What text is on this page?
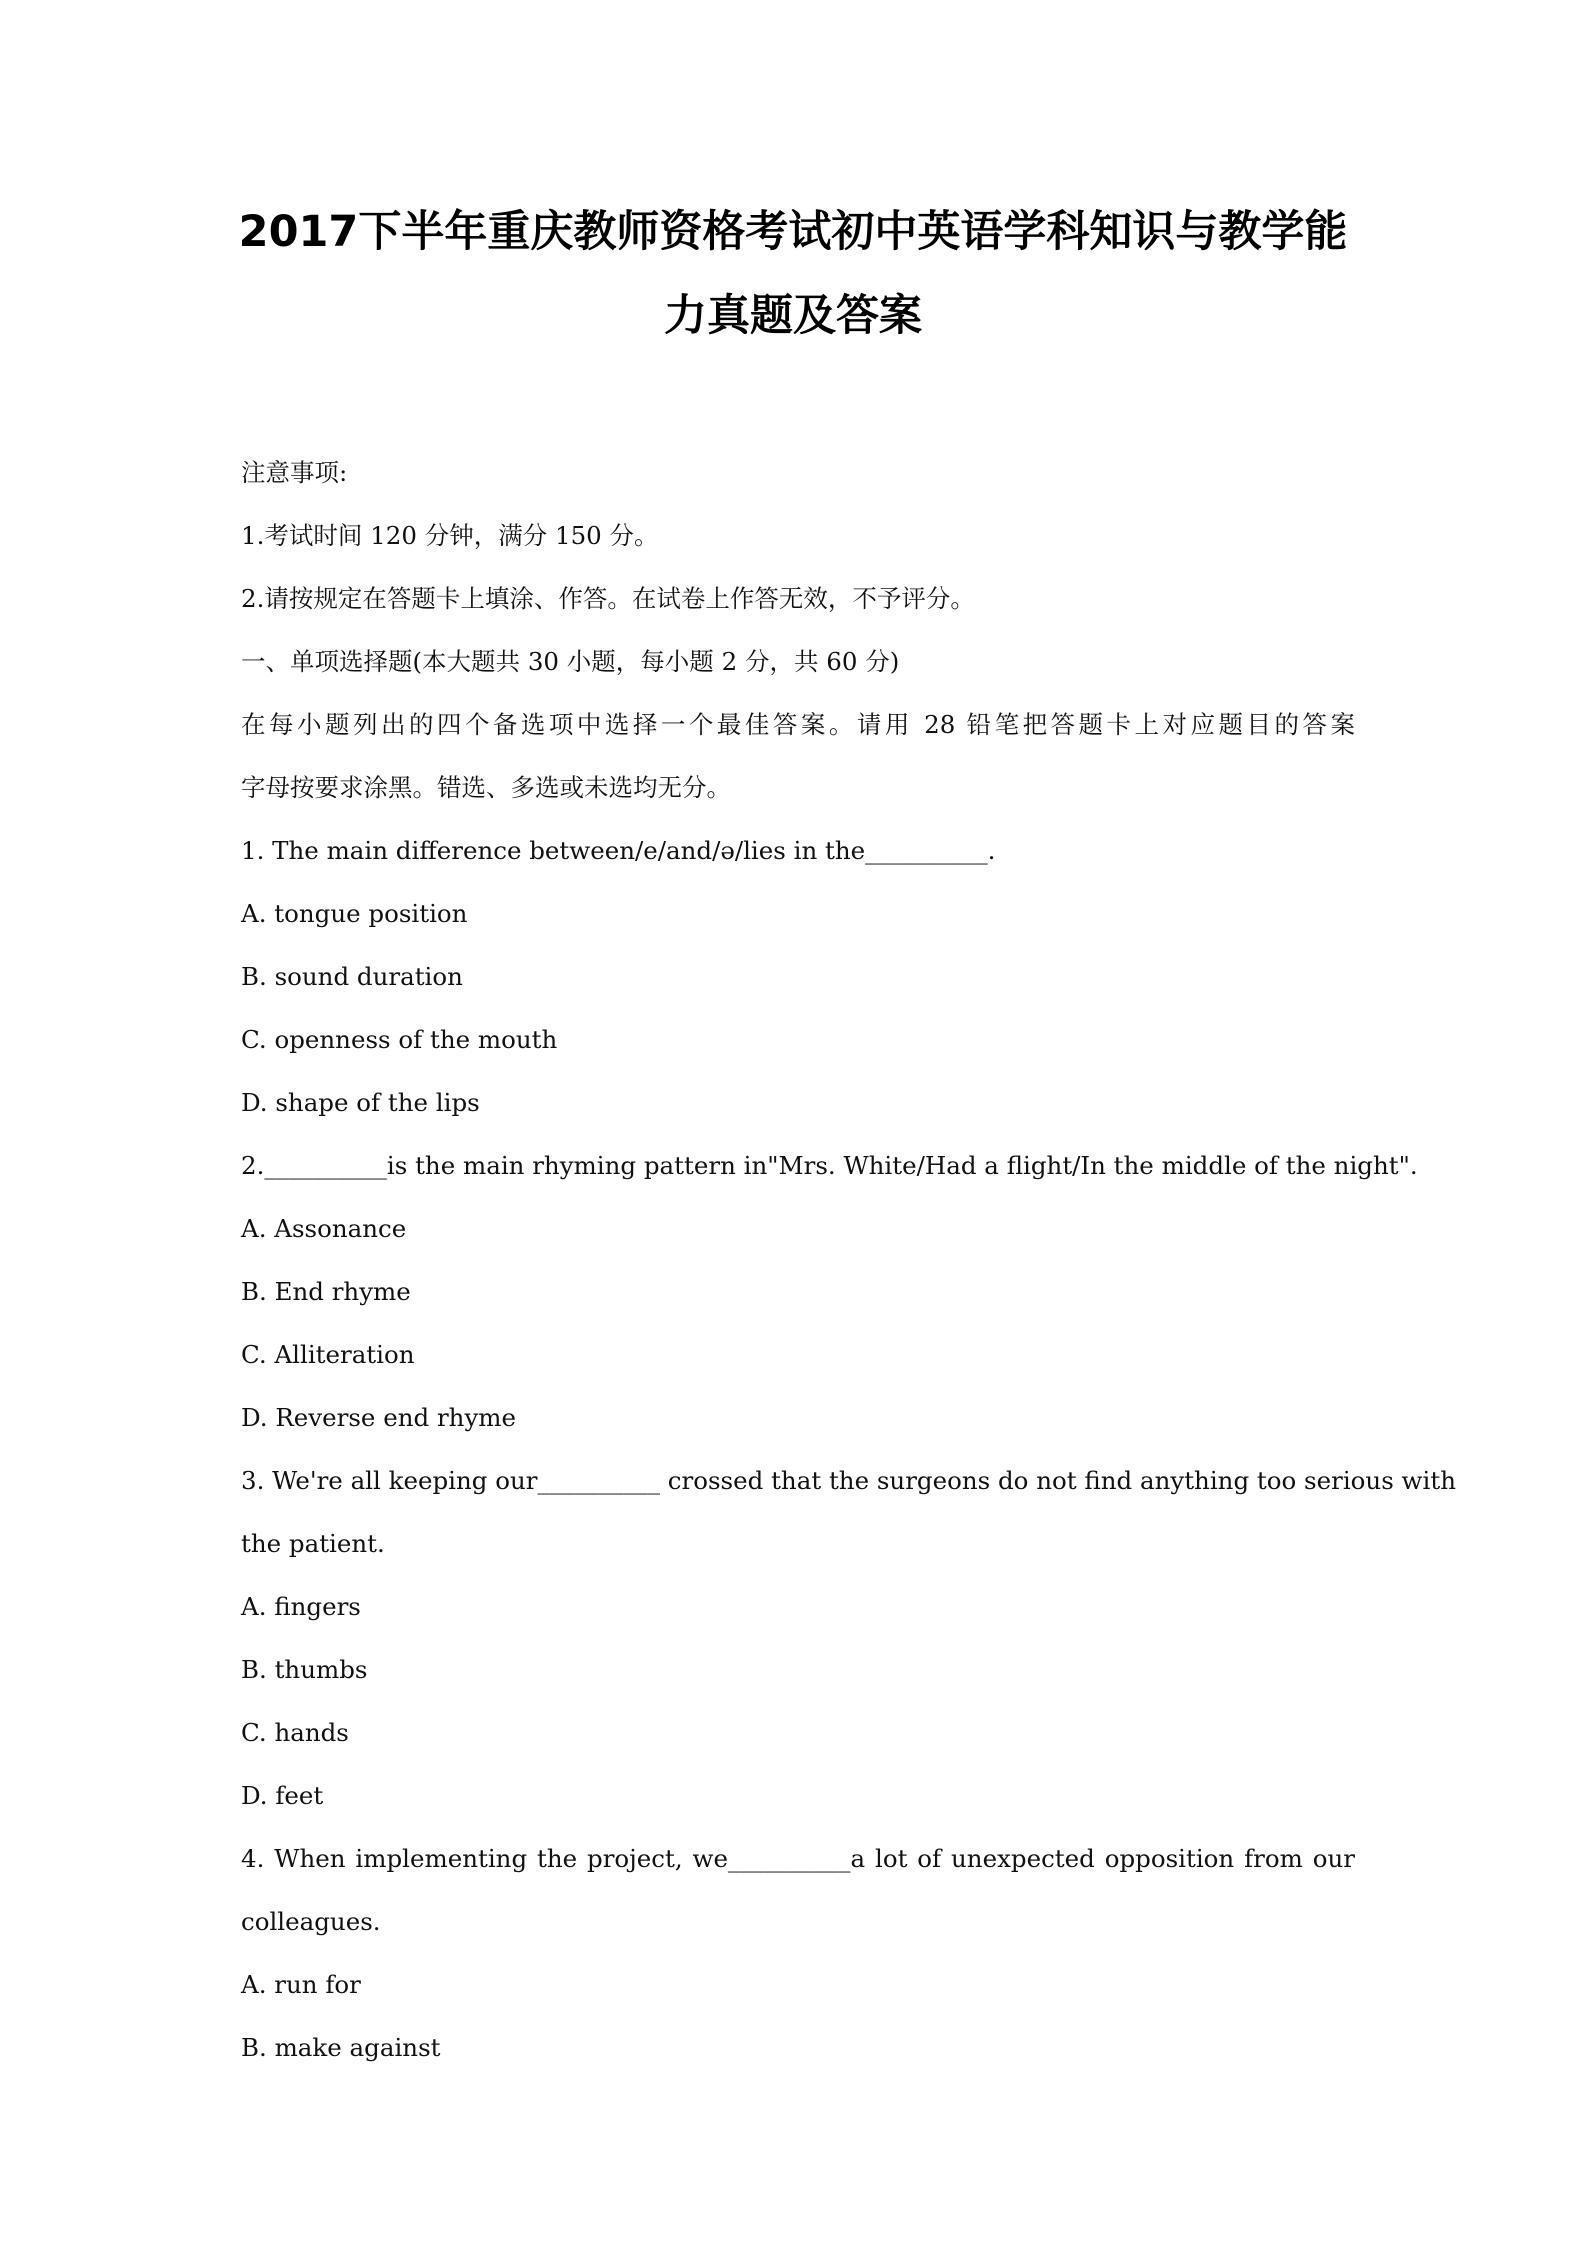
2017下半年重庆教师资格考试初中英语学科知识与教学能
力真题及答案
注意事项:
1.考试时间 120 分钟，满分 150 分。
2.请按规定在答题卡上填涂、作答。在试卷上作答无效，不予评分。
一、单项选择题(本大题共 30 小题，每小题 2 分，共 60 分)
在每小题列出的四个备选项中选择一个最佳答案。请用 28 铅笔把答题卡上对应题目的答案
字母按要求涂黑。错选、多选或未选均无分。
1. The main difference between/e/and/ə/lies in the__________.
A. tongue position
B. sound duration
C. openness of the mouth
D. shape of the lips
2.__________is the main rhyming pattern in"Mrs. White/Had a flight/In the middle of the night".
A. Assonance
B. End rhyme
C. Alliteration
D. Reverse end rhyme
3. We're all keeping our__________ crossed that the surgeons do not find anything too serious with
the patient.
A. fingers
B. thumbs
C. hands
D. feet
4. When implementing the project, we__________a lot of unexpected opposition from our
colleagues.
A. run for
B. make against
